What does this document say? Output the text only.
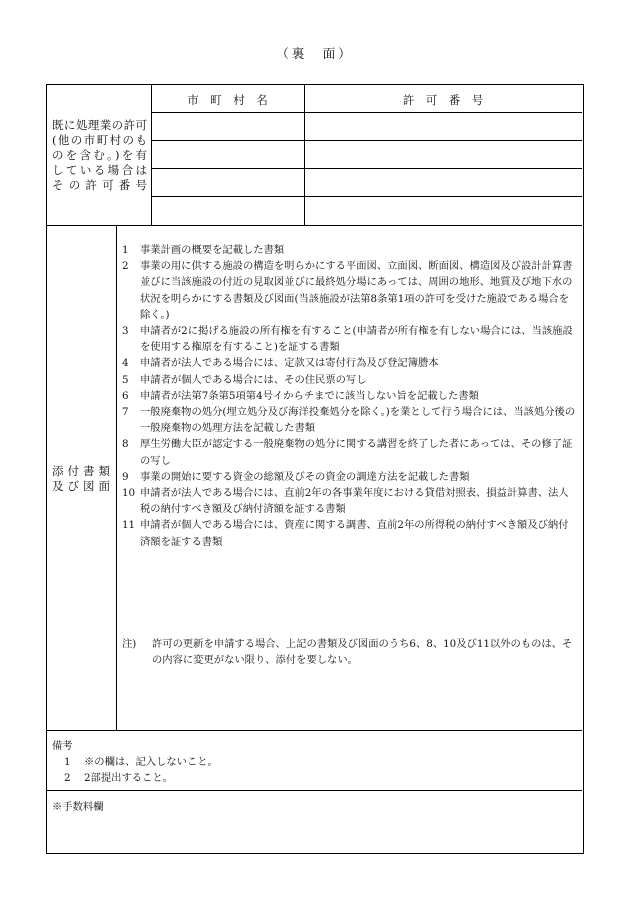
（裏　面）
既に処理業の許可
(他の市町村のも
のを含む。)を有
している場合は
その許可番号
市　町　村　名	許　可　番　号
添付書類
及び図面
1	事業計画の概要を記載した書類
2	事業の用に供する施設の構造を明らかにする平面図、立面図、断面図、構造図及び設計計算書並びに当該施設の付近の見取図並びに最終処分場にあっては、周囲の地形、地質及び地下水の状況を明らかにする書類及び図面(当該施設が法第8条第1項の許可を受けた施設である場合を除く。)
3	申請者が2に掲げる施設の所有権を有すること(申請者が所有権を有しない場合には、当該施設を使用する権原を有すること)を証する書類
4	申請者が法人である場合には、定款又は寄付行為及び登記簿謄本
5	申請者が個人である場合には、その住民票の写し
6	申請者が法第7条第5項第4号イからチまでに該当しない旨を記載した書類
7	一般廃棄物の処分(埋立処分及び海洋投棄処分を除く。)を業として行う場合には、当該処分後の一般廃棄物の処理方法を記載した書類
8	厚生労働大臣が認定する一般廃棄物の処分に関する講習を終了した者にあっては、その修了証の写し
9	事業の開始に要する資金の総額及びその資金の調達方法を記載した書類
10 申請者が法人である場合には、直前2年の各事業年度における貸借対照表、損益計算書、法人税の納付すべき額及び納付済額を証する書類
11 申請者が個人である場合には、資産に関する調書、直前2年の所得税の納付すべき額及び納付済額を証する書類
注)	許可の更新を申請する場合、上記の書類及び図面のうち6、8、10及び11以外のものは、その内容に変更がない限り、添付を要しない。
備考
1	※の欄は、記入しないこと。
2	2部提出すること。
※手数料欄
